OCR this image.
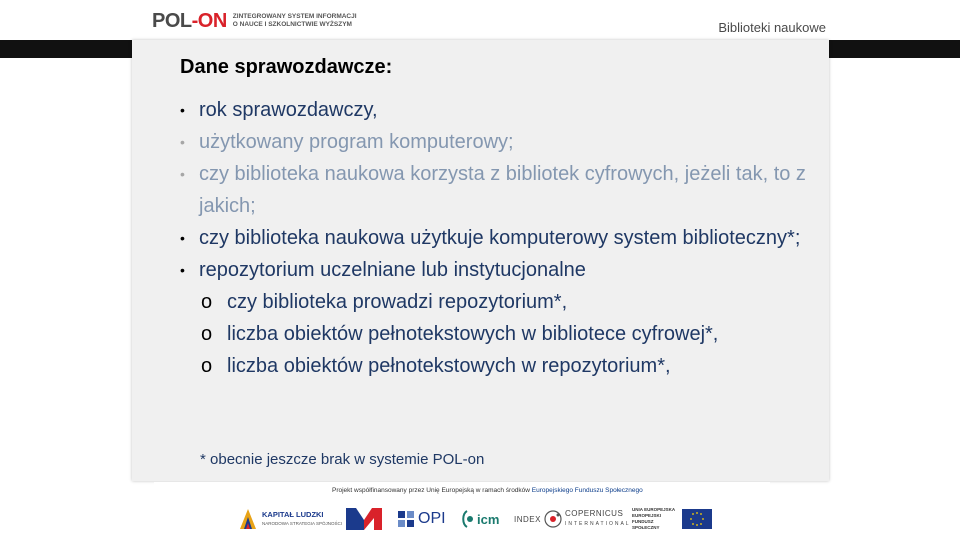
POL-ON ZINTEGROWANY SYSTEM INFORMACJI O NAUCE I SZKOLNICTWIE WYŻSZYM	Biblioteki naukowe
Dane sprawozdawcze:
• rok sprawozdawczy,
• użytkowany program komputerowy;
• czy biblioteka naukowa korzysta z bibliotek cyfrowych, jeżeli tak, to z jakich;
• czy biblioteka naukowa użytkuje komputerowy system biblioteczny*;
• repozytorium uczelniane lub instytucjonalne
o czy biblioteka prowadzi repozytorium*,
o liczba obiektów pełnotekstowych w bibliotece cyfrowej*,
o liczba obiektów pełnotekstowych w repozytorium*,
* obecnie jeszcze brak w systemie POL-on
Projekt współfinansowany przez Unię Europejską w ramach środków Europejskiego Funduszu Społecznego
KAPITAŁ LUDZKI
NARODOWA STRATEGIA SPÓJNOŚCI	OPI icm INDEX
COPERNICUS
INTERNATIONAL
UNIA EUROPEJSKA EUROPEJSKI FUNDUSZ SPOŁECZNY
